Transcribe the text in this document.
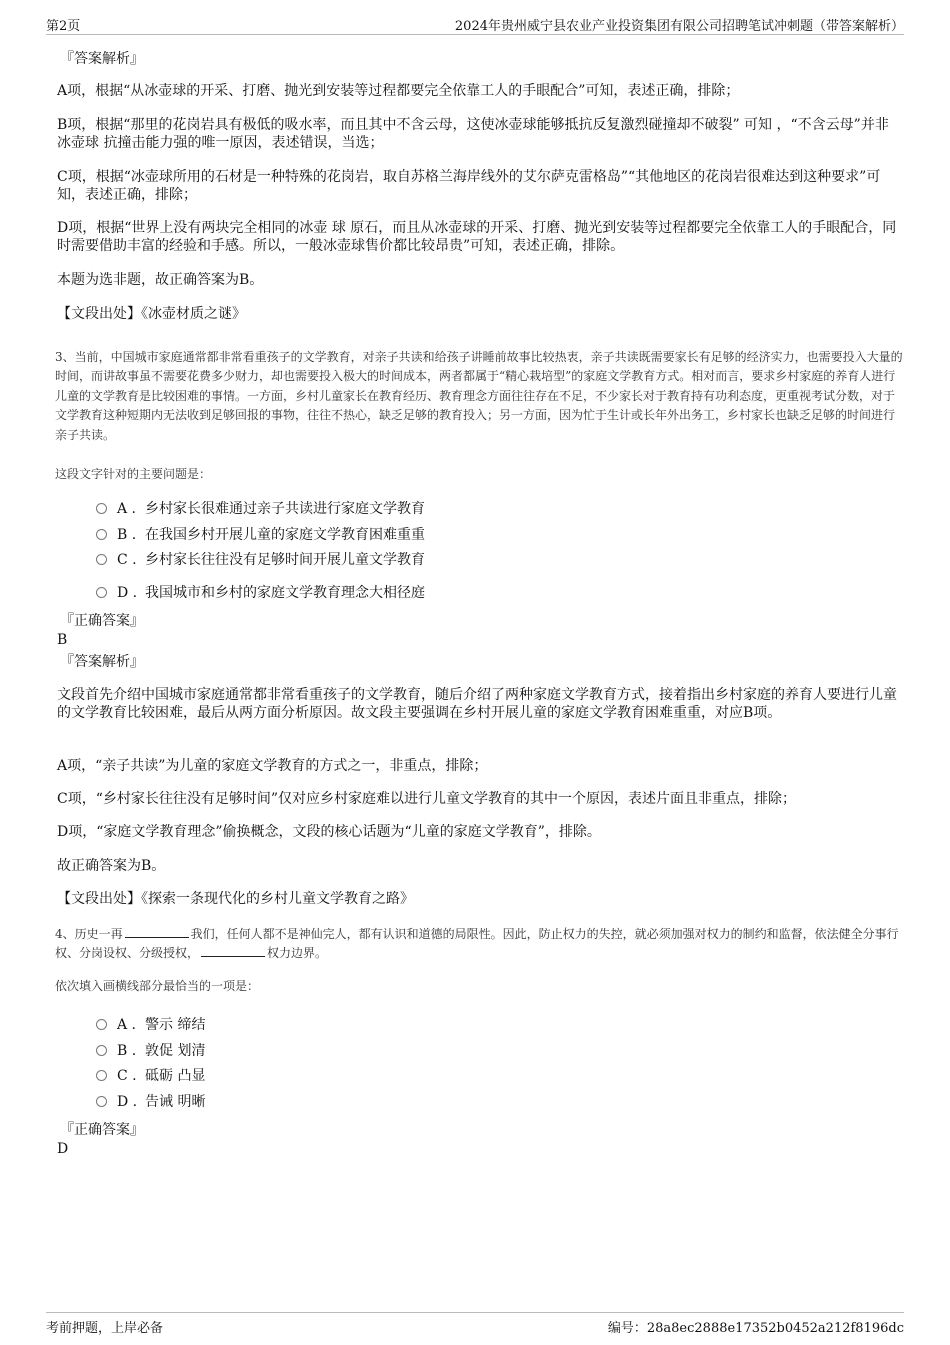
第2页	2024年贵州威宁县农业产业投资集团有限公司招聘笔试冲刺题（带答案解析）

『答案解析』

A项，根据“从冰壶球的开采、打磨、抛光到安装等过程都要完全依靠工人的手眼配合”可知，表述正确，排除；

B项，根据“那里的花岗岩具有极低的吸水率，而且其中不含云母，这使冰壶球能够抵抗反复激烈碰撞却不破裂” 可知 ，“不含云母”并非 冰壶球 抗撞击能力强的唯一原因，表述错误，当选；

C项，根据“冰壶球所用的石材是一种特殊的花岗岩，取自苏格兰海岸线外的艾尔萨克雷格岛”“其他地区的花岗岩很难达到这种要求”可知，表述正确，排除；

D项，根据“世界上没有两块完全相同的冰壶 球 原石，而且从冰壶球的开采、打磨、抛光到安装等过程都要完全依靠工人的手眼配合，同时需要借助丰富的经验和手感。所以，一般冰壶球售价都比较昂贵”可知，表述正确，排除。

本题为选非题，故正确答案为B。

【文段出处】《冰壶材质之谜》

3、当前，中国城市家庭通常都非常看重孩子的文学教育，对亲子共读和给孩子讲睡前故事比较热衷，亲子共读既需要家长有足够的经济实力，也需要投入大量的时间，而讲故事虽不需要花费多少财力，却也需要投入极大的时间成本，两者都属于“精心栽培型”的家庭文学教育方式。相对而言，要求乡村家庭的养育人进行儿童的文学教育是比较困难的事情。一方面，乡村儿童家长在教育经历、教育理念方面往往存在不足，不少家长对于教育持有功利态度，更重视考试分数，对于文学教育这种短期内无法收到足够回报的事物，往往不热心，缺乏足够的教育投入；另一方面，因为忙于生计或长年外出务工，乡村家长也缺乏足够的时间进行亲子共读。

这段文字针对的主要问题是：

A . 乡村家长很难通过亲子共读进行家庭文学教育
B . 在我国乡村开展儿童的家庭文学教育困难重重
C . 乡村家长往往没有足够时间开展儿童文学教育
D . 我国城市和乡村的家庭文学教育理念大相径庭

『正确答案』

B

『答案解析』

文段首先介绍中国城市家庭通常都非常看重孩子的文学教育，随后介绍了两种家庭文学教育方式，接着指出乡村家庭的养育人要进行儿童的文学教育比较困难，最后从两方面分析原因。故文段主要强调在乡村开展儿童的家庭文学教育困难重重，对应B项。

A项，“亲子共读”为儿童的家庭文学教育的方式之一，非重点，排除；

C项，“乡村家长往往没有足够时间”仅对应乡村家庭难以进行儿童文学教育的其中一个原因，表述片面且非重点，排除；

D项，“家庭文学教育理念”偷换概念，文段的核心话题为“儿童的家庭文学教育”，排除。

故正确答案为B。

【文段出处】《探索一条现代化的乡村儿童文学教育之路》

4、历史一再	我们，任何人都不是神仙完人，都有认识和道德的局限性。因此，防止权力的失控，就必须加强对权力的制约和监督，依法健全分事行权、分岗设权、分级授权，	权力边界。

依次填入画横线部分最恰当的一项是：

A . 警示 缔结
B . 敦促 划清
C . 砥砺 凸显
D . 告诫 明晰

『正确答案』

D

考前押题，上岸必备	编号：28a8ec2888e17352b0452a212f8196dc
